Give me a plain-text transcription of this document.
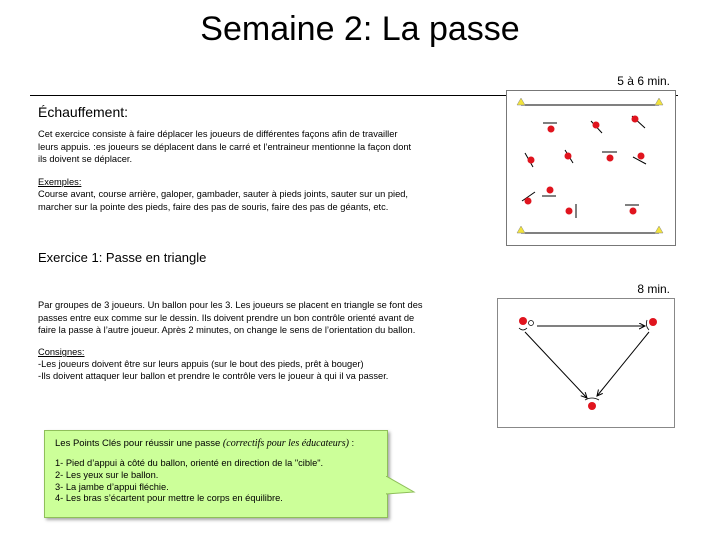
Semaine 2: La passe
5 à 6 min.
Échauffement:

Cet exercice consiste à faire déplacer les joueurs de différentes façons afin de travailler
leurs appuis. :es joueurs se déplacent dans le carré et l’entraineur mentionne la façon dont
ils doivent se déplacer.

Exemples:

Course avant, course arrière, galoper, gambader, sauter à pieds joints, sauter sur un pied,
marcher sur la pointe des pieds, faire des pas de souris, faire des pas de géants, etc.

Exercice 1: Passe en triangle
8 min.

Par groupes de 3 joueurs. Un ballon pour les 3. Les joueurs se placent en triangle se font des
passes entre eux comme sur le dessin. Ils doivent prendre un bon contrôle orienté avant de
faire la passe à l’autre joueur. Après 2 minutes, on change le sens de l’orientation du ballon.

Consignes:

-Les joueurs doivent être sur leurs appuis (sur le bout des pieds, prêt à bouger)

-Ils doivent attaquer leur ballon et prendre le contrôle vers le joueur à qui il va passer.

Les Points Clés pour réussir une passe (correctifs pour les éducateurs) :
1- Pied d’appui à côté du ballon, orienté en direction de la "cible".
2- Les yeux sur le ballon.
3- La jambe d’appui fléchie.
4- Les bras s’écartent pour mettre le corps en équilibre.
